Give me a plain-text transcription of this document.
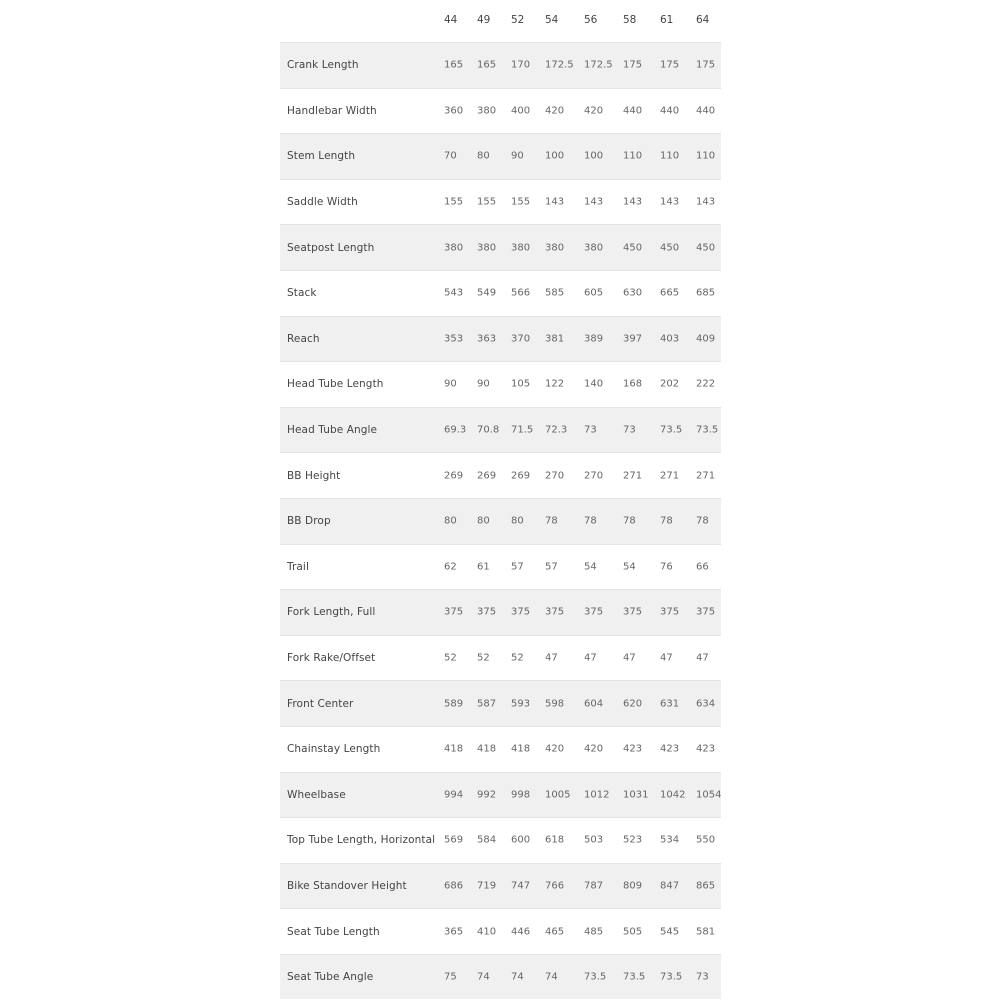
44 49 52 54 56 58 61 64
Crank Length	165 165 170 172.5 172.5 175 175 175
Handlebar Width	360 380 400 420 420 440 440 440
Stem Length	70 80 90 100 100 110 110 110
Saddle Width	155 155 155 143 143 143 143 143
Seatpost Length	380 380 380 380 380 450 450 450
Stack	543 549 566 585 605 630 665 685
Reach	353 363 370 381 389 397 403 409
Head Tube Length	90 90 105 122 140 168 202 222
Head Tube Angle	69.3 70.8 71.5 72.3 73	73 73.5 73.5
BB Height	269 269 269 270 270 271 271 271
BB Drop	80 80 80 78	78	78 78 78
Trail	62 61 57 57	54	54 76 66
Fork Length, Full	375 375 375 375 375 375 375 375
Fork Rake/Offset	52 52 52 47	47	47 47 47
Front Center	589 587 593 598 604 620 631 634
Chainstay Length	418 418 418 420 420 423 423 423
Wheelbase	994 992 998 1005 1012 1031 1042 1054
Top Tube Length, Horizontal 569 584 600 618 503 523 534 550
Bike Standover Height	686 719 747 766 787 809 847 865
Seat Tube Length	365 410 446 465 485 505 545 581
Seat Tube Angle	75 74 74 74	73.5 73.5 73.5 73
